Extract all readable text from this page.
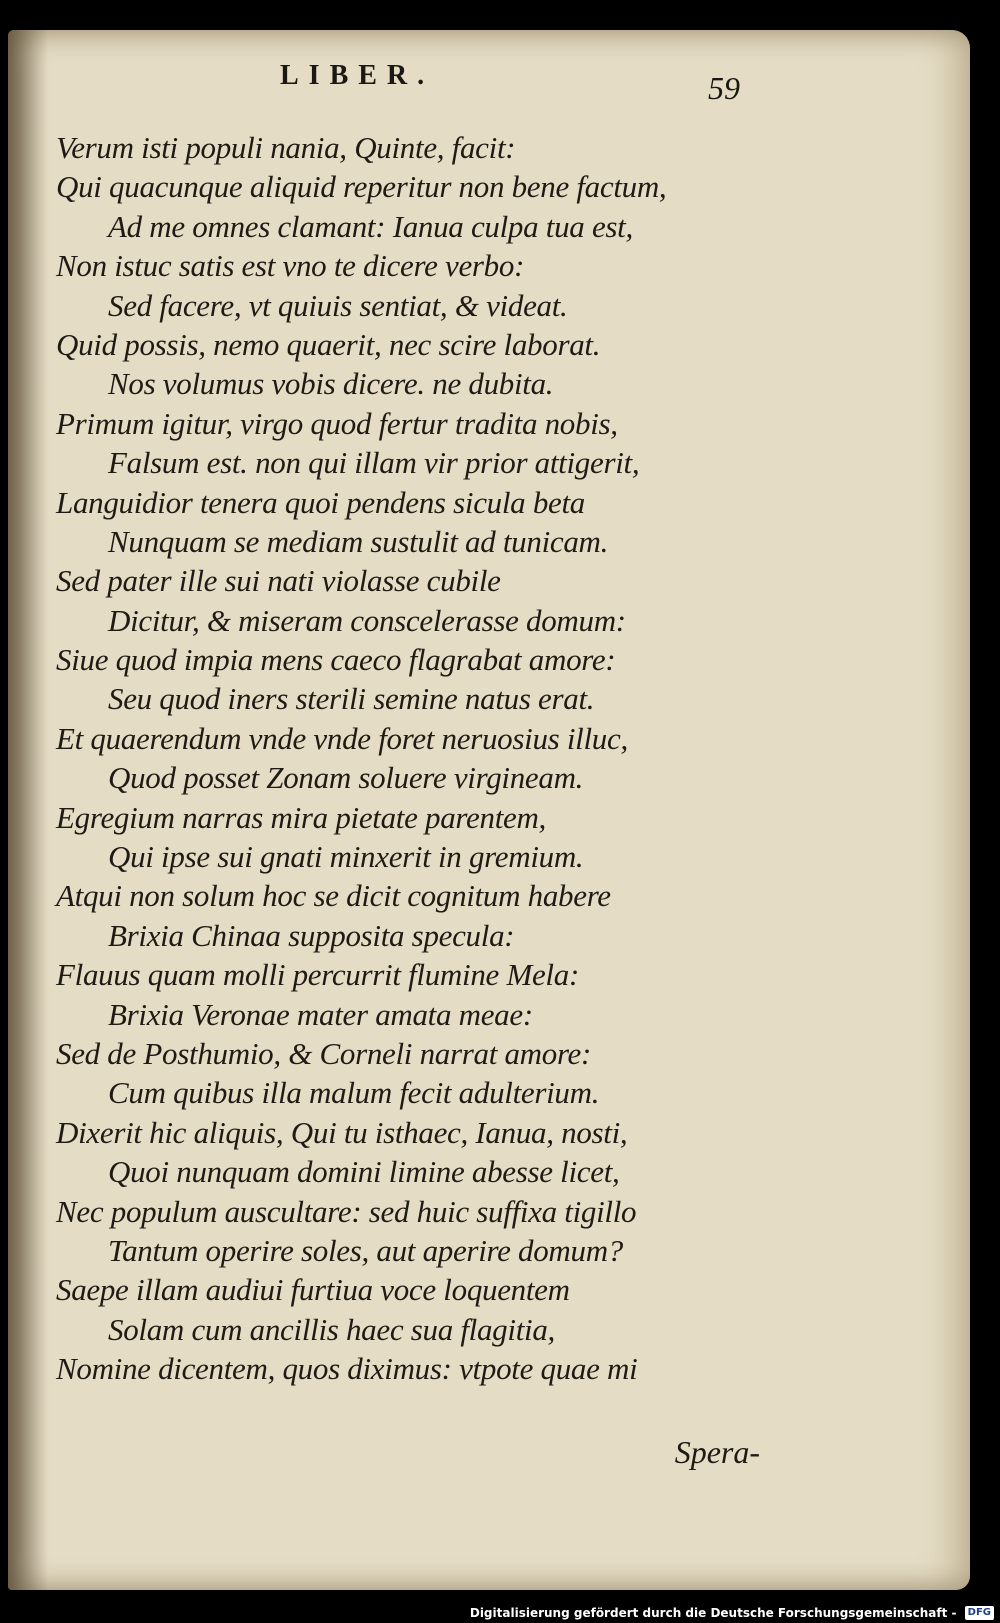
LIBER.	59
Verum isti populi nania, Quinte, facit:
Qui quacunque aliquid reperitur non bene factum,
Ad me omnes clamant: Ianua culpa tua est,
Non istuc satis est vno te dicere verbo:
Sed facere, vt quiuis sentiat, & videat.
Quid possis, nemo quaerit, nec scire laborat.
Nos volumus vobis dicere. ne dubita.
Primum igitur, virgo quod fertur tradita nobis,
Falsum est. non qui illam vir prior attigerit,
Languidior tenera quoi pendens sicula beta
Nunquam se mediam sustulit ad tunicam.
Sed pater ille sui nati violasse cubile
Dicitur, & miseram conscelerasse domum:
Siue quod impia mens caeco flagrabat amore:
Seu quod iners sterili semine natus erat.
Et quaerendum vnde vnde foret neruosius illuc,
Quod posset Zonam soluere virgineam.
Egregium narras mira pietate parentem,
Qui ipse sui gnati minxerit in gremium.
Atqui non solum hoc se dicit cognitum habere
Brixia Chinaa supposita specula:
Flauus quam molli percurrit flumine Mela:
Brixia Veronae mater amata meae:
Sed de Posthumio, & Corneli narrat amore:
Cum quibus illa malum fecit adulterium.
Dixerit hic aliquis, Qui tu isthaec, Ianua, nosti,
Quoi nunquam domini limine abesse licet,
Nec populum auscultare: sed huic suffixa tigillo
Tantum operire soles, aut aperire domum?
Saepe illam audiui furtiua voce loquentem
Solam cum ancillis haec sua flagitia,
Nomine dicentem, quos diximus: vtpote quae mi
Spera-
Digitalisierung gefördert durch die Deutsche Forschungsgemeinschaft - DFG
